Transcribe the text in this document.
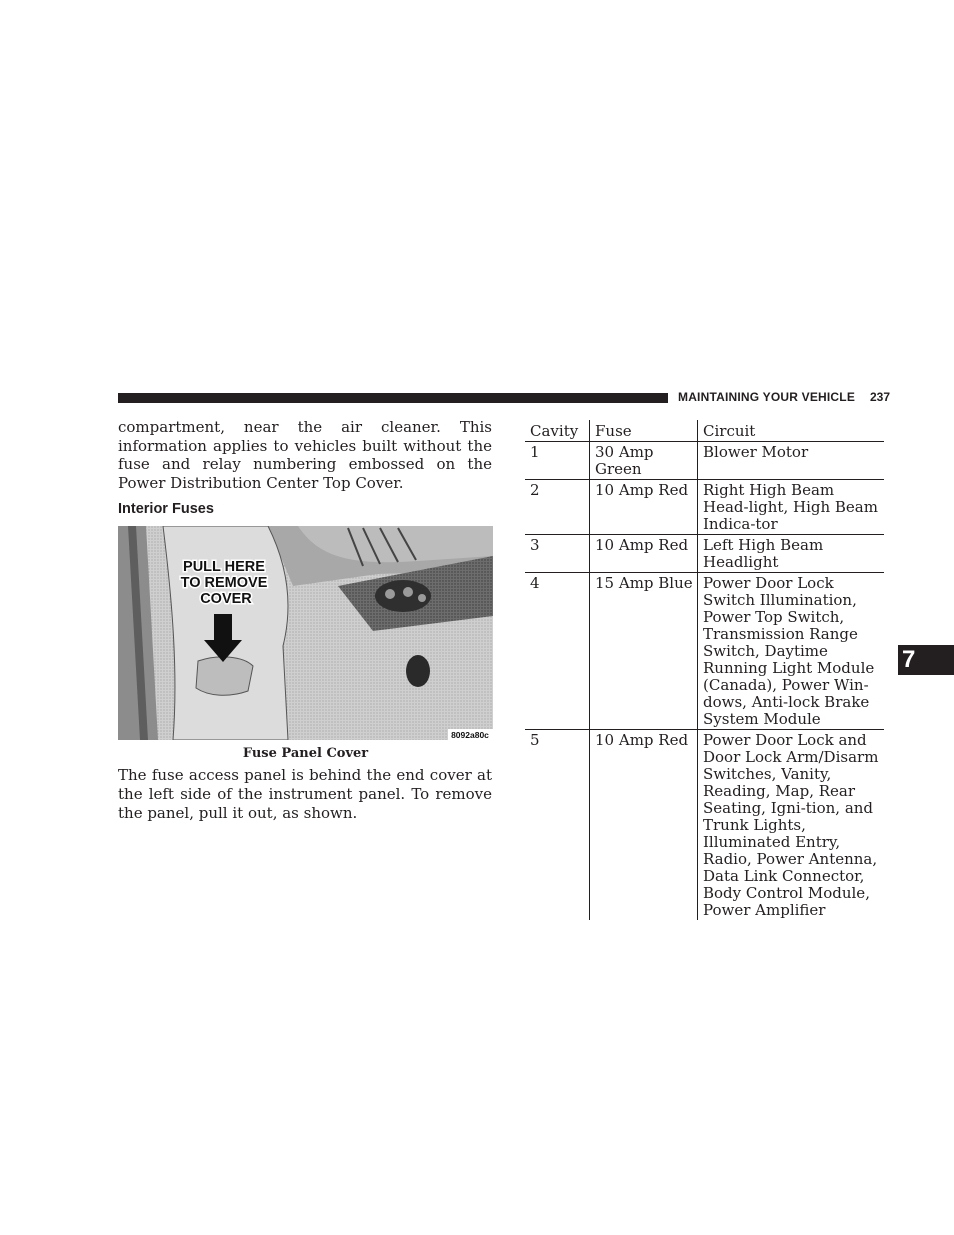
MAINTAINING YOUR VEHICLE 237

compartment, near the air cleaner. This information applies to vehicles built without the fuse and relay numbering embossed on the Power Distribution Center Top Cover.

Interior Fuses
PULL HERE
TO REMOVE
COVER
8092a80c
Fuse Panel Cover

The fuse access panel is behind the end cover at the left side of the instrument panel. To remove the panel, pull it out, as shown.

Cavity	Fuse	Circuit
1	30 Amp Green	Blower Motor
2	10 Amp Red	Right High Beam Head-light, High Beam Indica-tor
3	10 Amp Red	Left High Beam Headlight
4	15 Amp Blue	Power Door Lock Switch Illumination, Power Top Switch, Transmission Range Switch, Daytime Running Light Module (Canada), Power Win-dows, Anti-lock Brake System Module
5	10 Amp Red	Power Door Lock and Door Lock Arm/Disarm Switches, Vanity, Reading, Map, Rear Seating, Igni-tion, and Trunk Lights, Illuminated Entry, Radio, Power Antenna, Data Link Connector, Body Control Module, Power Amplifier
7
